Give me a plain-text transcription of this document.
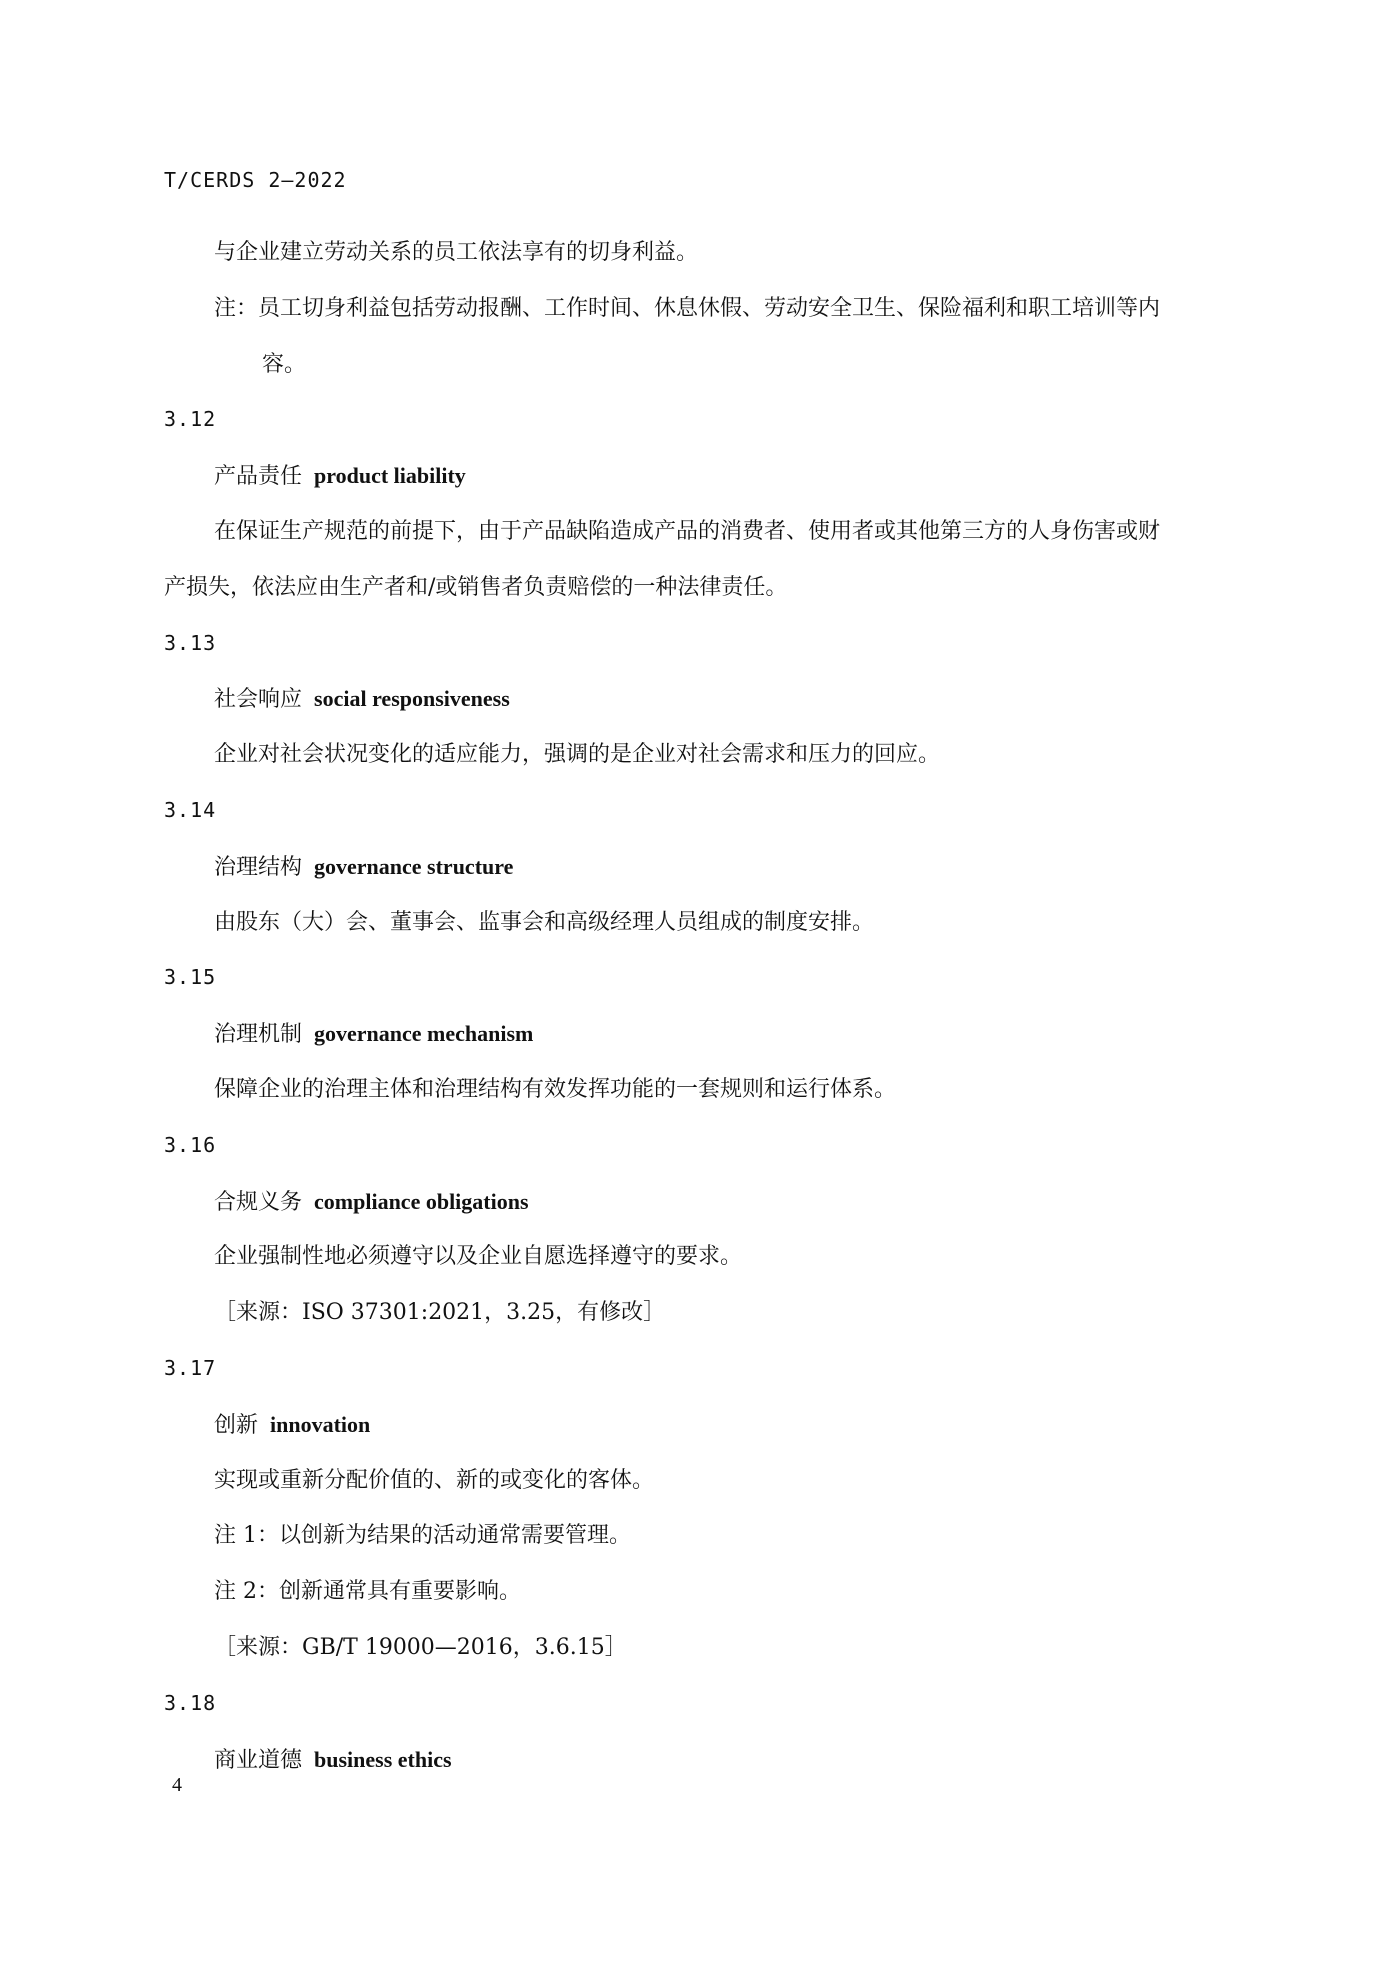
T/CERDS 2—2022
与企业建立劳动关系的员工依法享有的切身利益。
注：员工切身利益包括劳动报酬、工作时间、休息休假、劳动安全卫生、保险福利和职工培训等内
容。
3.12
产品责任 product liability
在保证生产规范的前提下，由于产品缺陷造成产品的消费者、使用者或其他第三方的人身伤害或财
产损失，依法应由生产者和/或销售者负责赔偿的一种法律责任。
3.13
社会响应 social responsiveness
企业对社会状况变化的适应能力，强调的是企业对社会需求和压力的回应。
3.14
治理结构 governance structure
由股东（大）会、董事会、监事会和高级经理人员组成的制度安排。
3.15
治理机制 governance mechanism
保障企业的治理主体和治理结构有效发挥功能的一套规则和运行体系。
3.16
合规义务 compliance obligations
企业强制性地必须遵守以及企业自愿选择遵守的要求。
［来源：ISO 37301:2021，3.25，有修改］
3.17
创新 innovation
实现或重新分配价值的、新的或变化的客体。
注 1：以创新为结果的活动通常需要管理。
注 2：创新通常具有重要影响。
［来源：GB/T 19000—2016，3.6.15］
3.18
商业道德 business ethics
4
